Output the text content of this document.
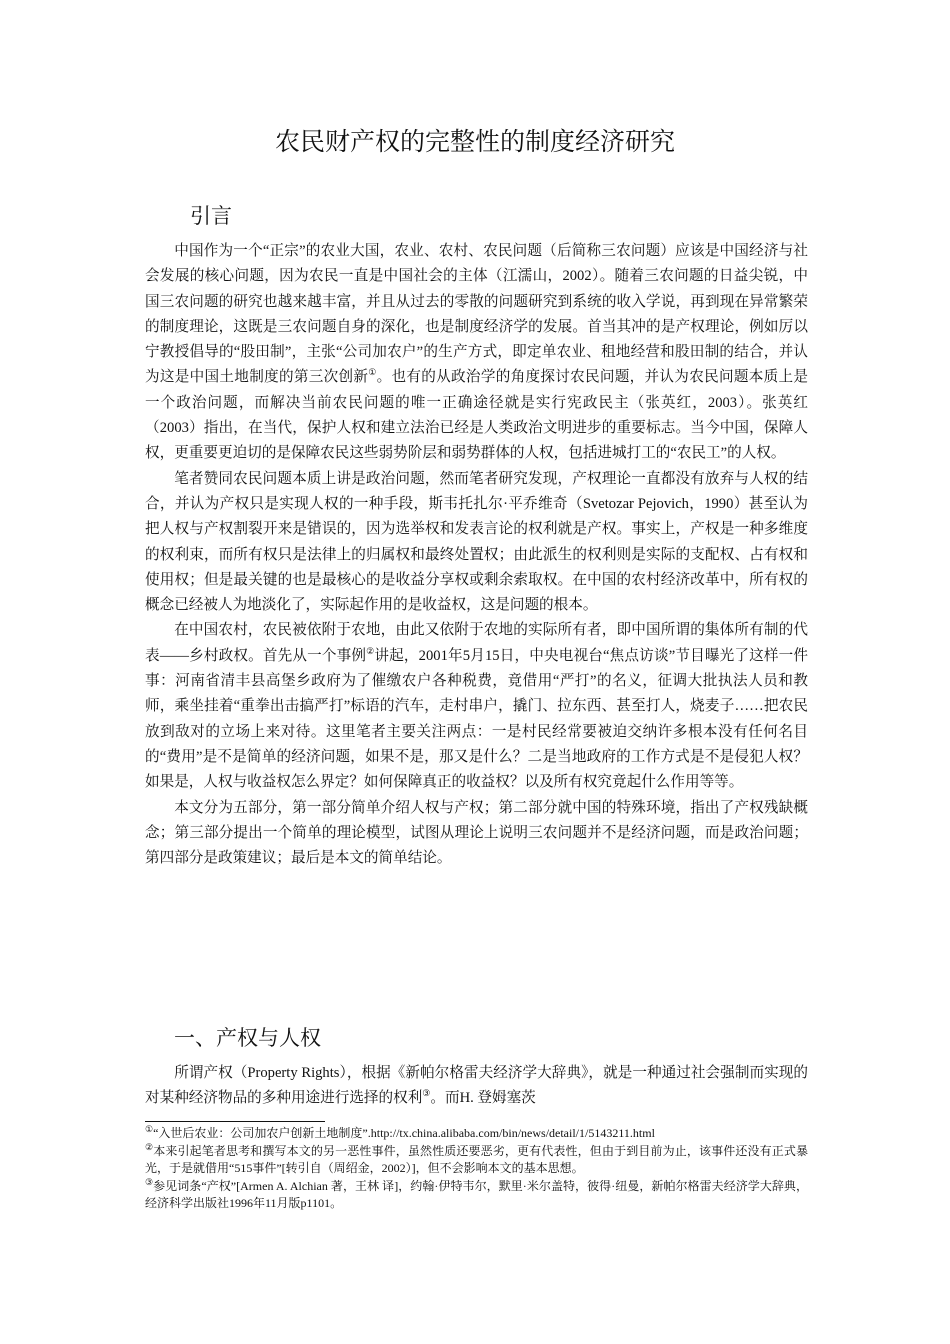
农民财产权的完整性的制度经济研究
引言

中国作为一个“正宗”的农业大国，农业、农村、农民问题（后简称三农问题）应该是中国经济与社会发展的核心问题，因为农民一直是中国社会的主体（江濡山，2002）。随着三农问题的日益尖锐，中国三农问题的研究也越来越丰富，并且从过去的零散的问题研究到系统的收入学说，再到现在异常繁荣的制度理论，这既是三农问题自身的深化，也是制度经济学的发展。首当其冲的是产权理论，例如厉以宁教授倡导的“股田制”，主张“公司加农户”的生产方式，即定单农业、租地经营和股田制的结合，并认为这是中国土地制度的第三次创新①。也有的从政治学的角度探讨农民问题，并认为农民问题本质上是一个政治问题，而解决当前农民问题的唯一正确途径就是实行宪政民主（张英红，2003）。张英红（2003）指出，在当代，保护人权和建立法治已经是人类政治文明进步的重要标志。当今中国，保障人权，更重要更迫切的是保障农民这些弱势阶层和弱势群体的人权，包括进城打工的“农民工”的人权。

笔者赞同农民问题本质上讲是政治问题，然而笔者研究发现，产权理论一直都没有放弃与人权的结合，并认为产权只是实现人权的一种手段，斯韦托扎尔·平乔维奇（Svetozar Pejovich，1990）甚至认为把人权与产权割裂开来是错误的，因为选举权和发表言论的权利就是产权。事实上，产权是一种多维度的权利束，而所有权只是法律上的归属权和最终处置权；由此派生的权利则是实际的支配权、占有权和使用权；但是最关键的也是最核心的是收益分享权或剩余索取权。在中国的农村经济改革中，所有权的概念已经被人为地淡化了，实际起作用的是收益权，这是问题的根本。

在中国农村，农民被依附于农地，由此又依附于农地的实际所有者，即中国所谓的集体所有制的代表——乡村政权。首先从一个事例②讲起，2001年5月15日，中央电视台“焦点访谈”节目曝光了这样一件事：河南省清丰县高堡乡政府为了催缴农户各种税费，竟借用“严打”的名义，征调大批执法人员和教师，乘坐挂着“重拳出击搞严打”标语的汽车，走村串户，撬门、拉东西、甚至打人，烧麦子……把农民放到敌对的立场上来对待。这里笔者主要关注两点：一是村民经常要被迫交纳许多根本没有任何名目的“费用”是不是简单的经济问题，如果不是，那又是什么？二是当地政府的工作方式是不是侵犯人权？如果是，人权与收益权怎么界定？如何保障真正的收益权？以及所有权究竟起什么作用等等。

本文分为五部分，第一部分简单介绍人权与产权；第二部分就中国的特殊环境，指出了产权残缺概念；第三部分提出一个简单的理论模型，试图从理论上说明三农问题并不是经济问题，而是政治问题；第四部分是政策建议；最后是本文的简单结论。

一、产权与人权

所谓产权（Property Rights），根据《新帕尔格雷夫经济学大辞典》，就是一种通过社会强制而实现的对某种经济物品的多种用途进行选择的权利③。而H. 登姆塞茨

①“入世后农业：公司加农户创新土地制度”.http://tx.china.alibaba.com/bin/news/detail/1/5143211.html

②本来引起笔者思考和撰写本文的另一恶性事件，虽然性质还要恶劣，更有代表性，但由于到目前为止，该事件还没有正式暴光，于是就借用“515事件”[转引自（周绍金，2002）]，但不会影响本文的基本思想。

③参见词条“产权”[Armen A. Alchian 著，王林 译]，约翰·伊特韦尔，默里·米尔盖特，彼得·纽曼，新帕尔格雷夫经济学大辞典，经济科学出版社1996年11月版p1101。
